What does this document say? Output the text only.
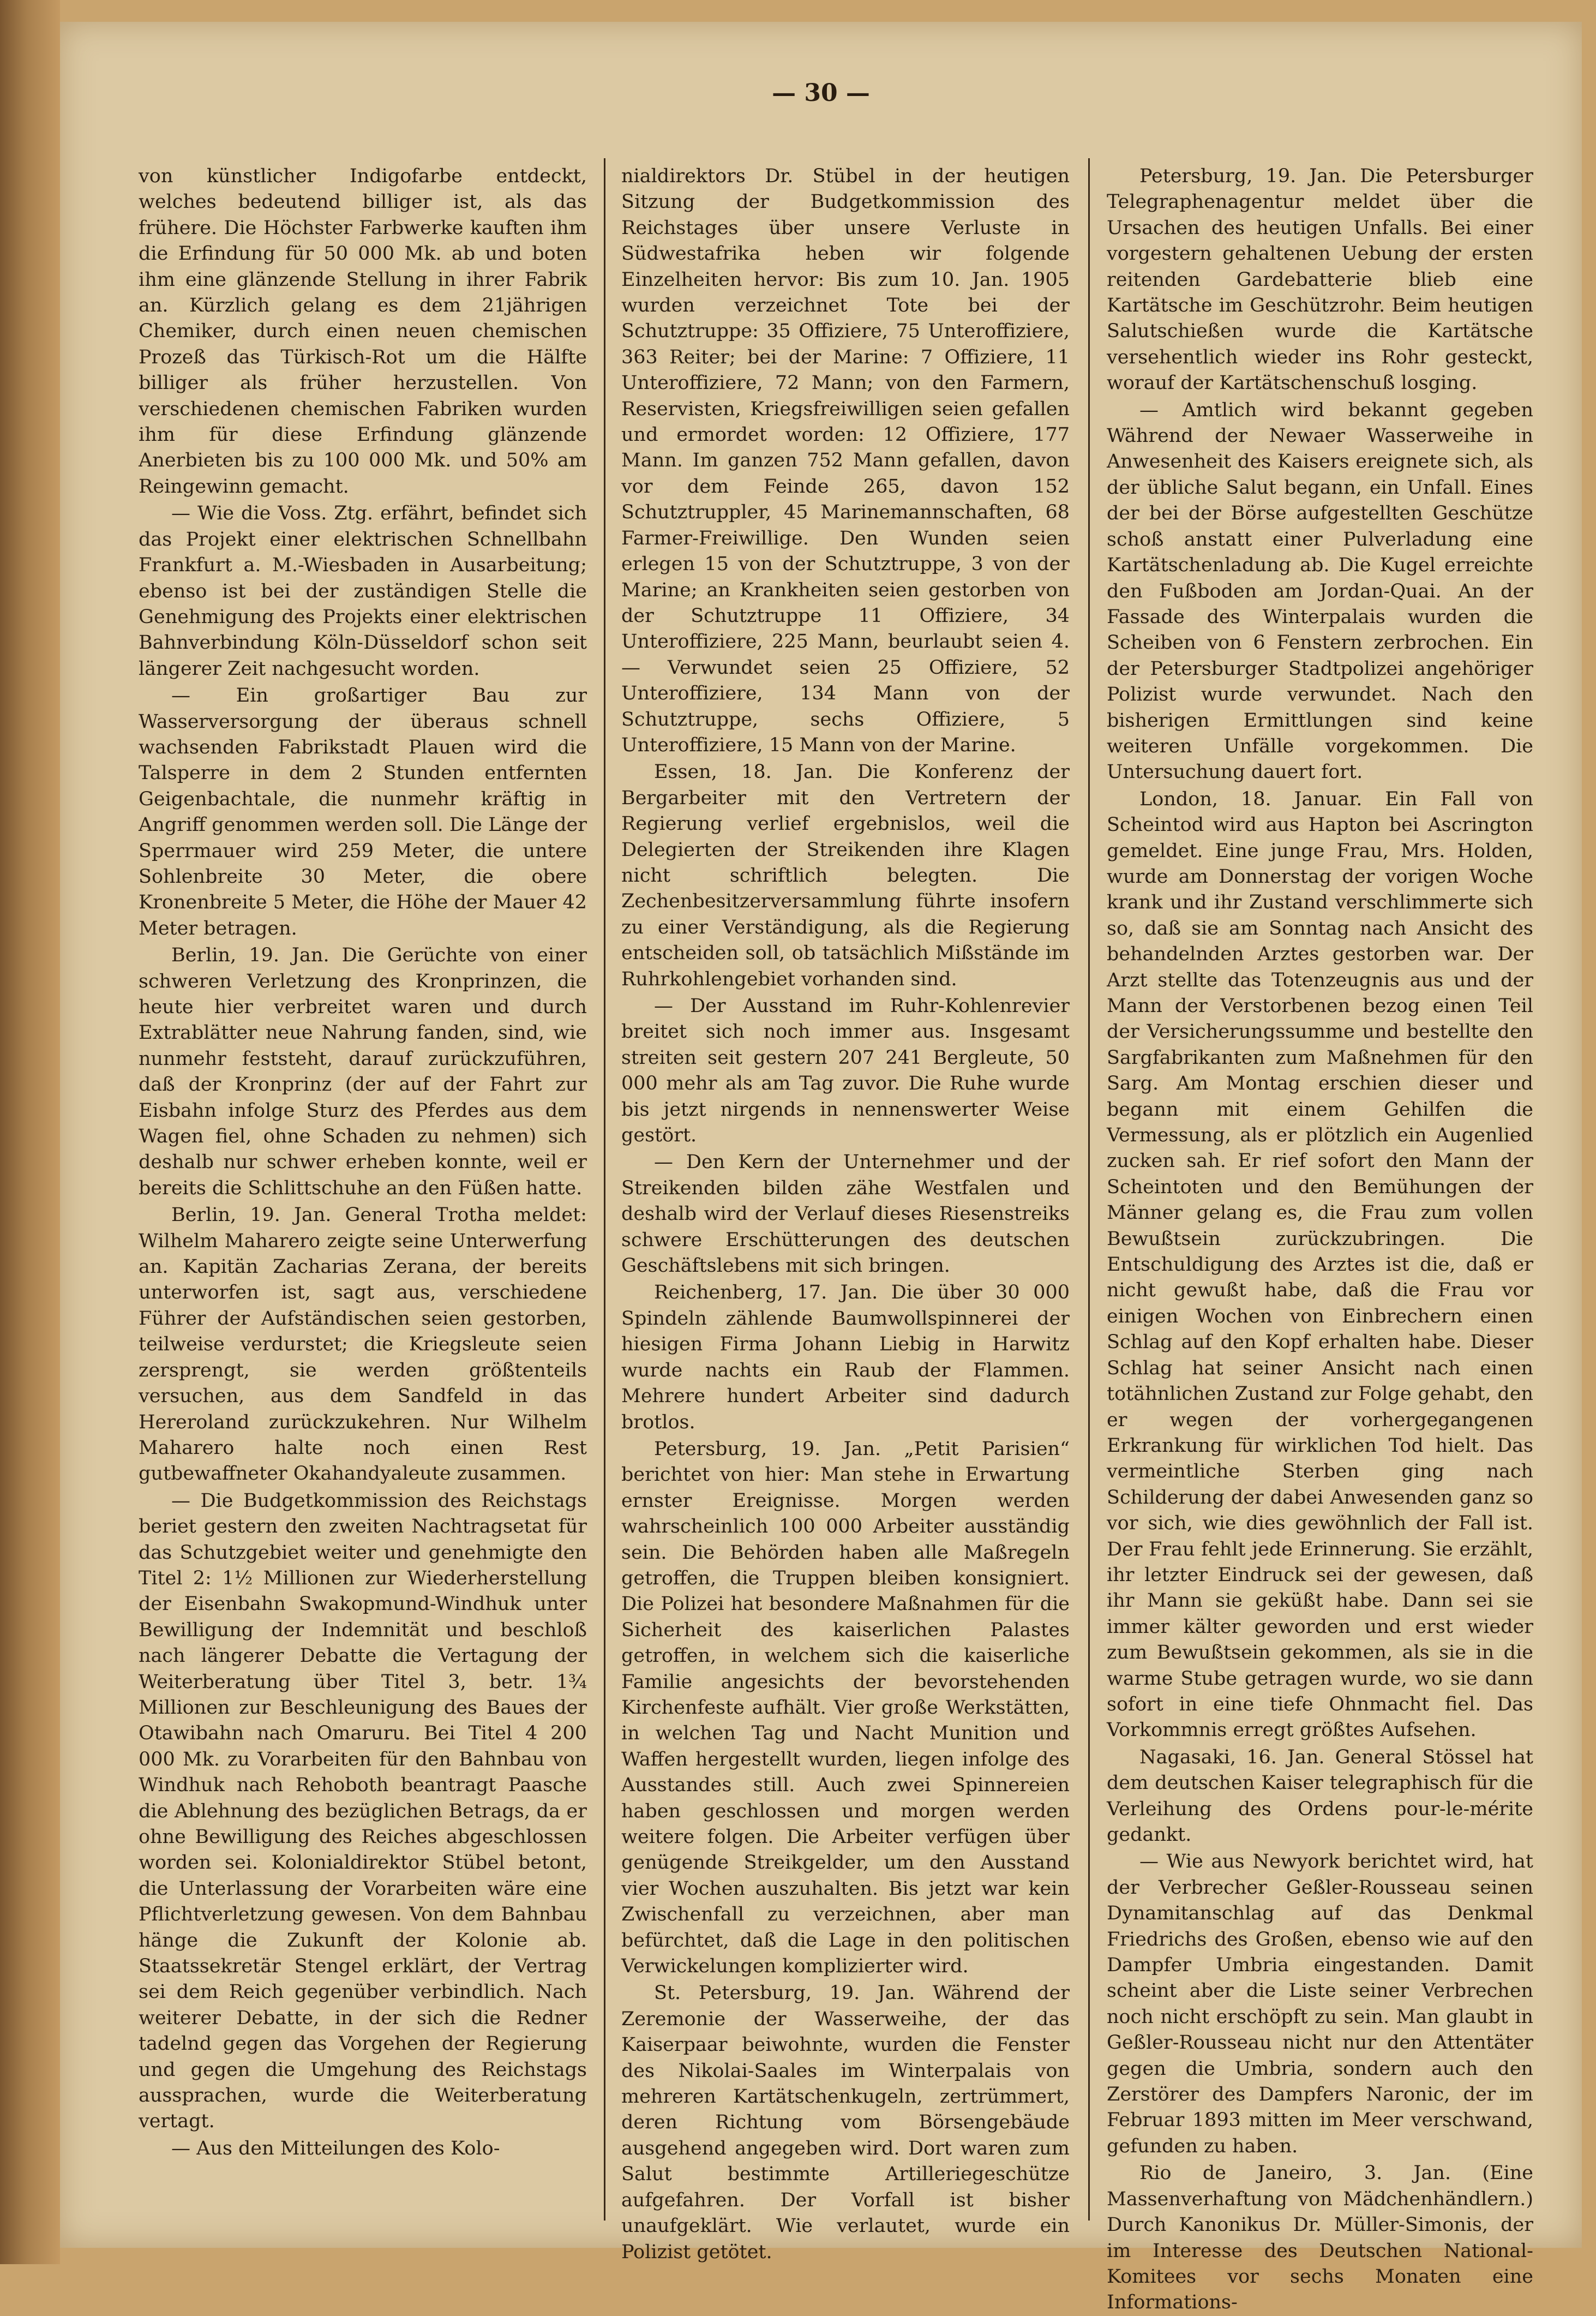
— 30 —

von künstlicher Indigofarbe entdeckt, welches bedeutend billiger ist, als das frühere. Die Höchster Farbwerke kauften ihm die Erfindung für 50 000 Mk. ab und boten ihm eine glänzende Stellung in ihrer Fabrik an. Kürzlich gelang es dem 21jährigen Chemiker, durch einen neuen chemischen Prozeß das Türkisch-Rot um die Hälfte billiger als früher herzustellen. Von verschiedenen chemischen Fabriken wurden ihm für diese Erfindung glänzende Anerbieten bis zu 100 000 Mk. und 50% am Reingewinn gemacht.

— Wie die Voss. Ztg. erfährt, befindet sich das Projekt einer elektrischen Schnellbahn Frankfurt a. M.-Wiesbaden in Ausarbeitung; ebenso ist bei der zuständigen Stelle die Genehmigung des Projekts einer elektrischen Bahnverbindung Köln-Düsseldorf schon seit längerer Zeit nachgesucht worden.

— Ein großartiger Bau zur Wasserversorgung der überaus schnell wachsenden Fabrikstadt Plauen wird die Talsperre in dem 2 Stunden entfernten Geigenbachtale, die nunmehr kräftig in Angriff genommen werden soll. Die Länge der Sperrmauer wird 259 Meter, die untere Sohlenbreite 30 Meter, die obere Kronenbreite 5 Meter, die Höhe der Mauer 42 Meter betragen.

Berlin, 19. Jan. Die Gerüchte von einer schweren Verletzung des Kronprinzen, die heute hier verbreitet waren und durch Extrablätter neue Nahrung fanden, sind, wie nunmehr feststeht, darauf zurückzuführen, daß der Kronprinz (der auf der Fahrt zur Eisbahn infolge Sturz des Pferdes aus dem Wagen fiel, ohne Schaden zu nehmen) sich deshalb nur schwer erheben konnte, weil er bereits die Schlittschuhe an den Füßen hatte.

Berlin, 19. Jan. General Trotha meldet: Wilhelm Maharero zeigte seine Unterwerfung an. Kapitän Zacharias Zerana, der bereits unterworfen ist, sagt aus, verschiedene Führer der Aufständischen seien gestorben, teilweise verdurstet; die Kriegsleute seien zersprengt, sie werden größtenteils versuchen, aus dem Sandfeld in das Hereroland zurückzukehren. Nur Wilhelm Maharero halte noch einen Rest gutbewaffneter Okahandyaleute zusammen.

— Die Budgetkommission des Reichstags beriet gestern den zweiten Nachtragsetat für das Schutzgebiet weiter und genehmigte den Titel 2: 1½ Millionen zur Wiederherstellung der Eisenbahn Swakopmund-Windhuk unter Bewilligung der Indemnität und beschloß nach längerer Debatte die Vertagung der Weiterberatung über Titel 3, betr. 1¾ Millionen zur Beschleunigung des Baues der Otawibahn nach Omaruru. Bei Titel 4 200 000 Mk. zu Vorarbeiten für den Bahnbau von Windhuk nach Rehoboth beantragt Paasche die Ablehnung des bezüglichen Betrags, da er ohne Bewilligung des Reiches abgeschlossen worden sei. Kolonialdirektor Stübel betont, die Unterlassung der Vorarbeiten wäre eine Pflichtverletzung gewesen. Von dem Bahnbau hänge die Zukunft der Kolonie ab. Staatssekretär Stengel erklärt, der Vertrag sei dem Reich gegenüber verbindlich. Nach weiterer Debatte, in der sich die Redner tadelnd gegen das Vorgehen der Regierung und gegen die Umgehung des Reichstags aussprachen, wurde die Weiterberatung vertagt.

— Aus den Mitteilungen des Kolo-

nialdirektors Dr. Stübel in der heutigen Sitzung der Budgetkommission des Reichstages über unsere Verluste in Südwestafrika heben wir folgende Einzelheiten hervor: Bis zum 10. Jan. 1905 wurden verzeichnet Tote bei der Schutztruppe: 35 Offiziere, 75 Unteroffiziere, 363 Reiter; bei der Marine: 7 Offiziere, 11 Unteroffiziere, 72 Mann; von den Farmern, Reservisten, Kriegsfreiwilligen seien gefallen und ermordet worden: 12 Offiziere, 177 Mann. Im ganzen 752 Mann gefallen, davon vor dem Feinde 265, davon 152 Schutztruppler, 45 Marinemannschaften, 68 Farmer-Freiwillige. Den Wunden seien erlegen 15 von der Schutztruppe, 3 von der Marine; an Krankheiten seien gestorben von der Schutztruppe 11 Offiziere, 34 Unteroffiziere, 225 Mann, beurlaubt seien 4. — Verwundet seien 25 Offiziere, 52 Unteroffiziere, 134 Mann von der Schutztruppe, sechs Offiziere, 5 Unteroffiziere, 15 Mann von der Marine.

Essen, 18. Jan. Die Konferenz der Bergarbeiter mit den Vertretern der Regierung verlief ergebnislos, weil die Delegierten der Streikenden ihre Klagen nicht schriftlich belegten. Die Zechenbesitzerversammlung führte insofern zu einer Verständigung, als die Regierung entscheiden soll, ob tatsächlich Mißstände im Ruhrkohlengebiet vorhanden sind.

— Der Ausstand im Ruhr-Kohlenrevier breitet sich noch immer aus. Insgesamt streiten seit gestern 207 241 Bergleute, 50 000 mehr als am Tag zuvor. Die Ruhe wurde bis jetzt nirgends in nennenswerter Weise gestört.

— Den Kern der Unternehmer und der Streikenden bilden zähe Westfalen und deshalb wird der Verlauf dieses Riesenstreiks schwere Erschütterungen des deutschen Geschäftslebens mit sich bringen.

Reichenberg, 17. Jan. Die über 30 000 Spindeln zählende Baumwollspinnerei der hiesigen Firma Johann Liebig in Harwitz wurde nachts ein Raub der Flammen. Mehrere hundert Arbeiter sind dadurch brotlos.

Petersburg, 19. Jan. „Petit Parisien“ berichtet von hier: Man stehe in Erwartung ernster Ereignisse. Morgen werden wahrscheinlich 100 000 Arbeiter ausständig sein. Die Behörden haben alle Maßregeln getroffen, die Truppen bleiben konsigniert. Die Polizei hat besondere Maßnahmen für die Sicherheit des kaiserlichen Palastes getroffen, in welchem sich die kaiserliche Familie angesichts der bevorstehenden Kirchenfeste aufhält. Vier große Werkstätten, in welchen Tag und Nacht Munition und Waffen hergestellt wurden, liegen infolge des Ausstandes still. Auch zwei Spinnereien haben geschlossen und morgen werden weitere folgen. Die Arbeiter verfügen über genügende Streikgelder, um den Ausstand vier Wochen auszuhalten. Bis jetzt war kein Zwischenfall zu verzeichnen, aber man befürchtet, daß die Lage in den politischen Verwickelungen komplizierter wird.

St. Petersburg, 19. Jan. Während der Zeremonie der Wasserweihe, der das Kaiserpaar beiwohnte, wurden die Fenster des Nikolai-Saales im Winterpalais von mehreren Kartätschenkugeln, zertrümmert, deren Richtung vom Börsengebäude ausgehend angegeben wird. Dort waren zum Salut bestimmte Artilleriegeschütze aufgefahren. Der Vorfall ist bisher unaufgeklärt. Wie verlautet, wurde ein Polizist getötet.

Petersburg, 19. Jan. Die Petersburger Telegraphenagentur meldet über die Ursachen des heutigen Unfalls. Bei einer vorgestern gehaltenen Uebung der ersten reitenden Gardebatterie blieb eine Kartätsche im Geschützrohr. Beim heutigen Salutschießen wurde die Kartätsche versehentlich wieder ins Rohr gesteckt, worauf der Kartätschenschuß losging.

— Amtlich wird bekannt gegeben Während der Newaer Wasserweihe in Anwesenheit des Kaisers ereignete sich, als der übliche Salut begann, ein Unfall. Eines der bei der Börse aufgestellten Geschütze schoß anstatt einer Pulverladung eine Kartätschenladung ab. Die Kugel erreichte den Fußboden am Jordan-Quai. An der Fassade des Winterpalais wurden die Scheiben von 6 Fenstern zerbrochen. Ein der Petersburger Stadtpolizei angehöriger Polizist wurde verwundet. Nach den bisherigen Ermittlungen sind keine weiteren Unfälle vorgekommen. Die Untersuchung dauert fort.

London, 18. Januar. Ein Fall von Scheintod wird aus Hapton bei Ascrington gemeldet. Eine junge Frau, Mrs. Holden, wurde am Donnerstag der vorigen Woche krank und ihr Zustand verschlimmerte sich so, daß sie am Sonntag nach Ansicht des behandelnden Arztes gestorben war. Der Arzt stellte das Totenzeugnis aus und der Mann der Verstorbenen bezog einen Teil der Versicherungssumme und bestellte den Sargfabrikanten zum Maßnehmen für den Sarg. Am Montag erschien dieser und begann mit einem Gehilfen die Vermessung, als er plötzlich ein Augenlied zucken sah. Er rief sofort den Mann der Scheintoten und den Bemühungen der Männer gelang es, die Frau zum vollen Bewußtsein zurückzubringen. Die Entschuldigung des Arztes ist die, daß er nicht gewußt habe, daß die Frau vor einigen Wochen von Einbrechern einen Schlag auf den Kopf erhalten habe. Dieser Schlag hat seiner Ansicht nach einen totähnlichen Zustand zur Folge gehabt, den er wegen der vorhergegangenen Erkrankung für wirklichen Tod hielt. Das vermeintliche Sterben ging nach Schilderung der dabei Anwesenden ganz so vor sich, wie dies gewöhnlich der Fall ist. Der Frau fehlt jede Erinnerung. Sie erzählt, ihr letzter Eindruck sei der gewesen, daß ihr Mann sie geküßt habe. Dann sei sie immer kälter geworden und erst wieder zum Bewußtsein gekommen, als sie in die warme Stube getragen wurde, wo sie dann sofort in eine tiefe Ohnmacht fiel. Das Vorkommnis erregt größtes Aufsehen.

Nagasaki, 16. Jan. General Stössel hat dem deutschen Kaiser telegraphisch für die Verleihung des Ordens pour-le-mérite gedankt.

— Wie aus Newyork berichtet wird, hat der Verbrecher Geßler-Rousseau seinen Dynamitanschlag auf das Denkmal Friedrichs des Großen, ebenso wie auf den Dampfer Umbria eingestanden. Damit scheint aber die Liste seiner Verbrechen noch nicht erschöpft zu sein. Man glaubt in Geßler-Rousseau nicht nur den Attentäter gegen die Umbria, sondern auch den Zerstörer des Dampfers Naronic, der im Februar 1893 mitten im Meer verschwand, gefunden zu haben.

Rio de Janeiro, 3. Jan. (Eine Massenverhaftung von Mädchenhändlern.) Durch Kanonikus Dr. Müller-Simonis, der im Interesse des Deutschen National-Komitees vor sechs Monaten eine Informations-
